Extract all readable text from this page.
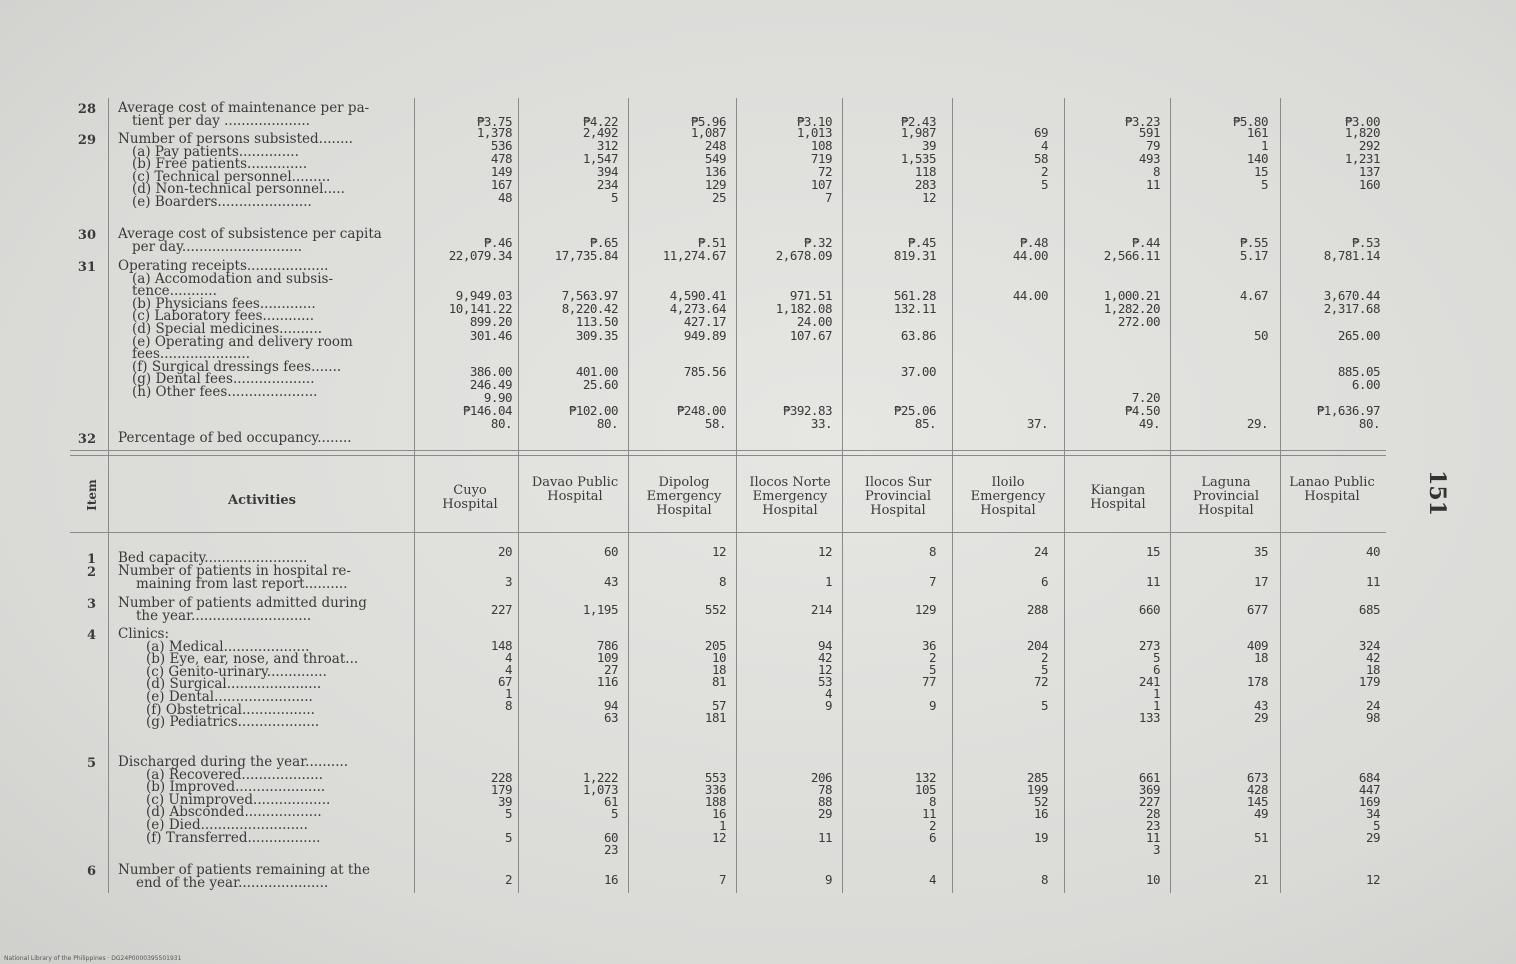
Item	Activities
Cuyo Hospital
Davao Public Hospital
Dipolog Emergency Hospital
Ilocos Norte Emergency Hospital
Ilocos Sur Provincial Hospital
Iloilo Emergency Hospital
Kiangan Hospital
Laguna Provincial Hospital
Lanao Public Hospital	151
National Library of the Philippines · DG24P0000395501931
28 Average cost of maintenance per pa-
tient per day ....................
29 Number of persons subsisted........
(a) Pay patients..............
(b) Free patients..............
(c) Technical personnel.........
(d) Non-technical personnel.....
(e) Boarders......................
30 Average cost of subsistence per capita
per day............................
31 Operating receipts...................
(a) Accomodation and subsis-
tence...........
(b) Physicians fees.............
(c) Laboratory fees............
(d) Special medicines..........
(e) Operating and delivery room
fees.....................
(f) Surgical dressings fees.......
(g) Dental fees...................
(h) Other fees.....................
32 Percentage of bed occupancy........
₱3.75
1,378
536
478
149
167
48
₱.46
22,079.34
9,949.03
10,141.22
899.20
301.46
386.00
246.49
9.90
₱146.04
80.
₱4.22
2,492
312
1,547
394
234
5
₱.65
17,735.84
7,563.97
8,220.42
113.50
309.35
401.00
25.60
₱102.00
80.
₱5.96
1,087
248
549
136
129
25
₱.51
11,274.67
4,590.41
4,273.64
427.17
949.89
785.56
₱248.00
58.
₱3.10
1,013
108
719
72
107
7
₱.32
2,678.09
971.51
1,182.08
24.00
107.67
₱392.83
33.
₱2.43
1,987
39
1,535
118
283
12
₱.45
819.31
561.28
132.11
63.86
37.00
₱25.06
85.
69
4
58
2
5
₱.48
44.00
44.00
37.
₱3.23
591
79
493
8
11
₱.44
2,566.11
1,000.21
1,282.20
272.00
7.20
₱4.50
49.
₱5.80
161
1
140
15
5
₱.55
5.17
4.67
50
29.
₱3.00
1,820
292
1,231
137
160
₱.53
8,781.14
3,670.44
2,317.68
265.00
885.05
6.00
₱1,636.97
80.
1 Bed capacity........................
2 Number of patients in hospital re-
maining from last report..........
3 Number of patients admitted during
the year............................
4 Clinics:
(a) Medical....................
(b) Eye, ear, nose, and throat...
(c) Genito-urinary..............
(d) Surgical......................
(e) Dental.......................
(f) Obstetrical.................
(g) Pediatrics...................
5 Discharged during the year..........
(a) Recovered...................
(b) Improved.....................
(c) Unimproved..................
(d) Absconded..................
(e) Died.........................
(f) Transferred.................
6 Number of patients remaining at the
end of the year.....................
20
3
227
148
4
4
67
1
8
228
179
39
5
5
2
60
43
1,195
786
109
27
116
94
63
1,222
1,073
61
5
60
23
16
12
8
552
205
10
18
81
57
181
553
336
188
16
1
12
7
12
1
214
94
42
12
53
4
9
206
78
88
29
11
9
8
7
129
36
2
5
77
9
132
105
8
11
2
6
4
24
6
288
204
2
5
72
5
285
199
52
16
19
8
15
11
660
273
5
6
241
1
1
133
661
369
227
28
23
11
3
10
35
17
677
409
18
178
43
29
673
428
145
49
51
21
40
11
685
324
42
18
179
24
98
684
447
169
34
5
29
12
